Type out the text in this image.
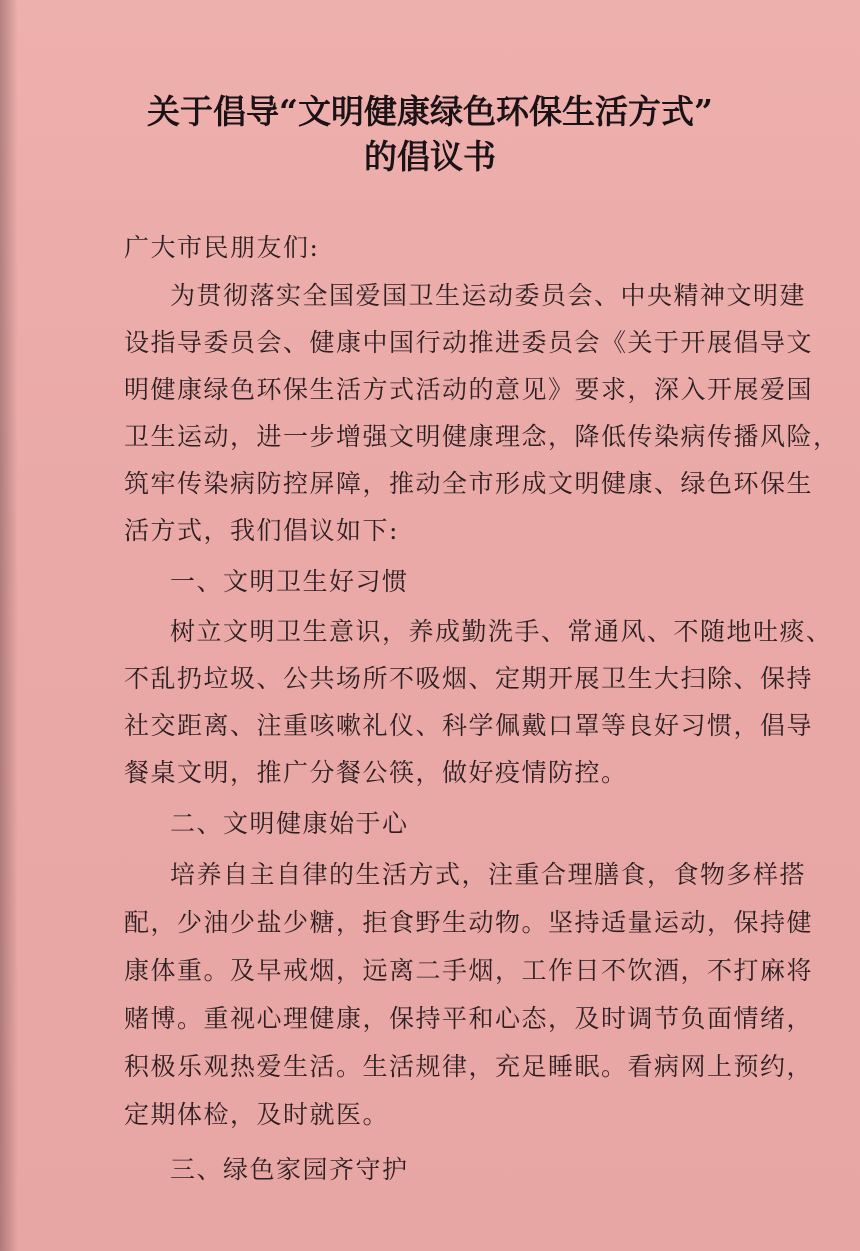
关于倡导“文明健康绿色环保生活方式”
的倡议书
广大市民朋友们:
为贯彻落实全国爱国卫生运动委员会、中央精神文明建
设指导委员会、健康中国行动推进委员会《关于开展倡导文
明健康绿色环保生活方式活动的意见》要求，深入开展爱国
卫生运动，进一步增强文明健康理念，降低传染病传播风险，
筑牢传染病防控屏障，推动全市形成文明健康、绿色环保生
活方式，我们倡议如下:
一、文明卫生好习惯
树立文明卫生意识，养成勤洗手、常通风、不随地吐痰、
不乱扔垃圾、公共场所不吸烟、定期开展卫生大扫除、保持
社交距离、注重咳嗽礼仪、科学佩戴口罩等良好习惯，倡导
餐桌文明，推广分餐公筷，做好疫情防控。
二、文明健康始于心
培养自主自律的生活方式，注重合理膳食，食物多样搭
配，少油少盐少糖，拒食野生动物。坚持适量运动，保持健
康体重。及早戒烟，远离二手烟，工作日不饮酒，不打麻将
赌博。重视心理健康，保持平和心态，及时调节负面情绪，
积极乐观热爱生活。生活规律，充足睡眠。看病网上预约，
定期体检，及时就医。
三、绿色家园齐守护
